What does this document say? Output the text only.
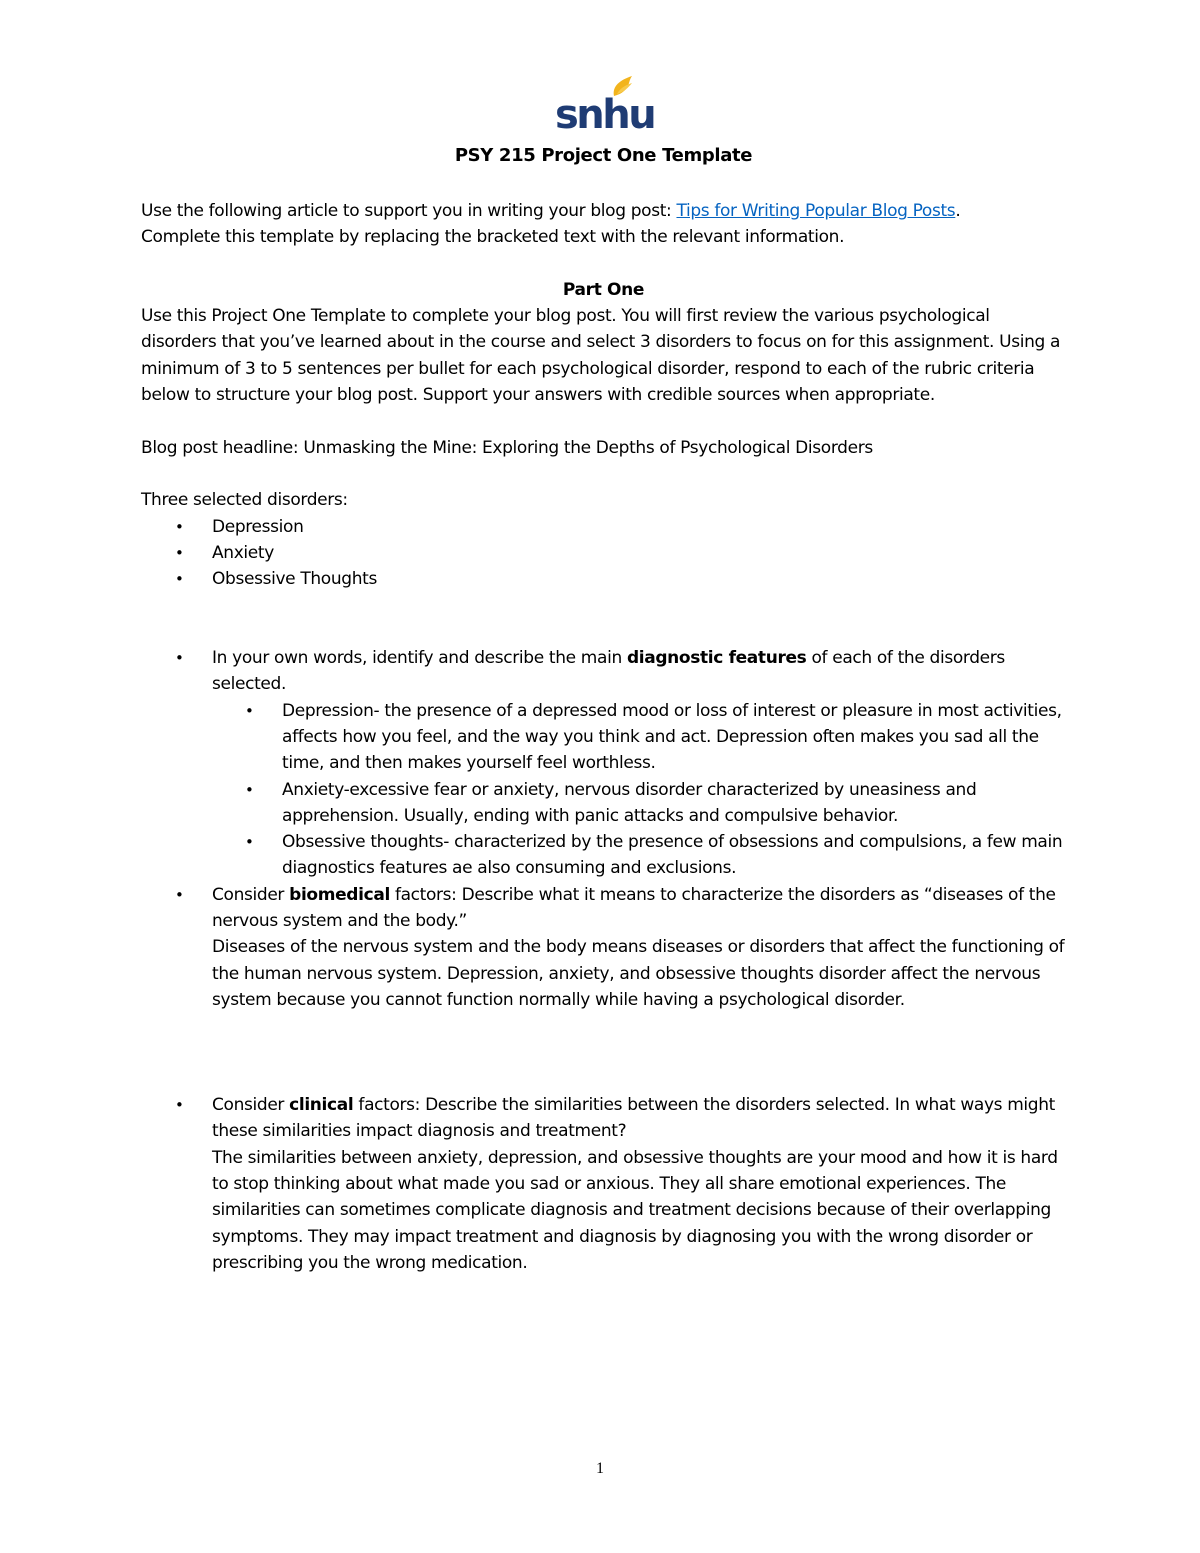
snhu

PSY 215 Project One Template

Use the following article to support you in writing your blog post: Tips for Writing Popular Blog Posts.

Complete this template by replacing the bracketed text with the relevant information.

Part One

Use this Project One Template to complete your blog post. You will first review the various psychological disorders that you’ve learned about in the course and select 3 disorders to focus on for this assignment. Using a minimum of 3 to 5 sentences per bullet for each psychological disorder, respond to each of the rubric criteria below to structure your blog post. Support your answers with credible sources when appropriate.

Blog post headline: Unmasking the Mine: Exploring the Depths of Psychological Disorders

Three selected disorders:

• Depression
• Anxiety
• Obsessive Thoughts
• In your own words, identify and describe the main diagnostic features of each of the disorders selected.
• Depression- the presence of a depressed mood or loss of interest or pleasure in most activities, affects how you feel, and the way you think and act. Depression often makes you sad all the time, and then makes yourself feel worthless.
• Anxiety-excessive fear or anxiety, nervous disorder characterized by uneasiness and apprehension. Usually, ending with panic attacks and compulsive behavior.
• Obsessive thoughts- characterized by the presence of obsessions and compulsions, a few main diagnostics features ae also consuming and exclusions.
• Consider biomedical factors: Describe what it means to characterize the disorders as “diseases of the nervous system and the body.”

Diseases of the nervous system and the body means diseases or disorders that affect the functioning of the human nervous system. Depression, anxiety, and obsessive thoughts disorder affect the nervous system because you cannot function normally while having a psychological disorder.

• Consider clinical factors: Describe the similarities between the disorders selected. In what ways might these similarities impact diagnosis and treatment?

The similarities between anxiety, depression, and obsessive thoughts are your mood and how it is hard to stop thinking about what made you sad or anxious. They all share emotional experiences. The similarities can sometimes complicate diagnosis and treatment decisions because of their overlapping symptoms. They may impact treatment and diagnosis by diagnosing you with the wrong disorder or prescribing you the wrong medication.

1
